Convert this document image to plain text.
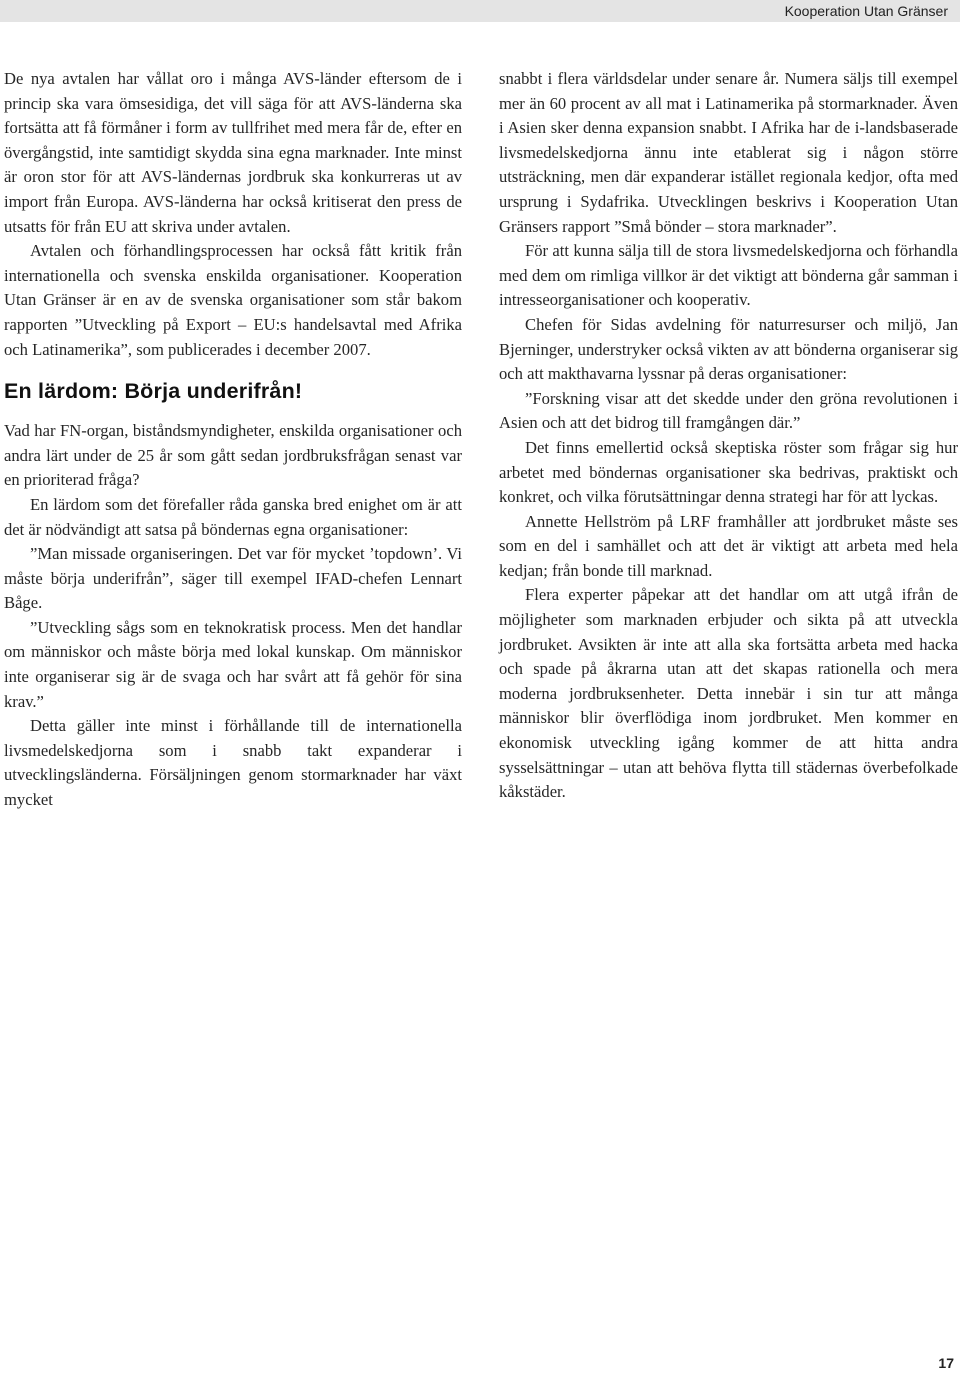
Kooperation Utan Gränser

De nya avtalen har vållat oro i många AVS-länder eftersom de i princip ska vara ömsesidiga, det vill säga för att AVS-länderna ska fortsätta att få förmåner i form av tullfrihet med mera får de, efter en övergångstid, inte samtidigt skydda sina egna marknader. Inte minst är oron stor för att AVS-ländernas jordbruk ska konkurreras ut av import från Europa. AVS-länderna har också kritiserat den press de utsatts för från EU att skriva under avtalen.

Avtalen och förhandlingsprocessen har också fått kritik från internationella och svenska enskilda organisationer. Kooperation Utan Gränser är en av de svenska organisationer som står bakom rapporten ”Utveckling på Export – EU:s handelsavtal med Afrika och Latinamerika”, som publicerades i december 2007.

En lärdom: Börja underifrån!

Vad har FN-organ, biståndsmyndigheter, enskilda organisationer och andra lärt under de 25 år som gått sedan jordbruksfrågan senast var en prioriterad fråga?

En lärdom som det förefaller råda ganska bred enighet om är att det är nödvändigt att satsa på böndernas egna organisationer:

”Man missade organiseringen. Det var för mycket ’topdown’. Vi måste börja underifrån”, säger till exempel IFAD-chefen Lennart Båge.

”Utveckling sågs som en teknokratisk process. Men det handlar om människor och måste börja med lokal kunskap. Om människor inte organiserar sig är de svaga och har svårt att få gehör för sina krav.”

Detta gäller inte minst i förhållande till de internationella livsmedelskedjorna som i snabb takt expanderar i utvecklingsländerna. Försäljningen genom stormarknader har växt mycket

snabbt i flera världsdelar under senare år. Numera säljs till exempel mer än 60 procent av all mat i Latinamerika på stormarknader. Även i Asien sker denna expansion snabbt. I Afrika har de i-landsbaserade livsmedelskedjorna ännu inte etablerat sig i någon större utsträckning, men där expanderar istället regionala kedjor, ofta med ursprung i Sydafrika. Utvecklingen beskrivs i Kooperation Utan Gränsers rapport ”Små bönder – stora marknader”.

För att kunna sälja till de stora livsmedelskedjorna och förhandla med dem om rimliga villkor är det viktigt att bönderna går samman i intresseorganisationer och kooperativ.

Chefen för Sidas avdelning för naturresurser och miljö, Jan Bjerninger, understryker också vikten av att bönderna organiserar sig och att makthavarna lyssnar på deras organisationer:

”Forskning visar att det skedde under den gröna revolutionen i Asien och att det bidrog till framgången där.”

Det finns emellertid också skeptiska röster som frågar sig hur arbetet med böndernas organisationer ska bedrivas, praktiskt och konkret, och vilka förutsättningar denna strategi har för att lyckas.

Annette Hellström på LRF framhåller att jordbruket måste ses som en del i samhället och att det är viktigt att arbeta med hela kedjan; från bonde till marknad.

Flera experter påpekar att det handlar om att utgå ifrån de möjligheter som marknaden erbjuder och sikta på att utveckla jordbruket. Avsikten är inte att alla ska fortsätta arbeta med hacka och spade på åkrarna utan att det skapas rationella och mera moderna jordbruksenheter. Detta innebär i sin tur att många människor blir överflödiga inom jordbruket. Men kommer en ekonomisk utveckling igång kommer de att hitta andra sysselsättningar – utan att behöva flytta till städernas överbefolkade kåkstäder.

17
